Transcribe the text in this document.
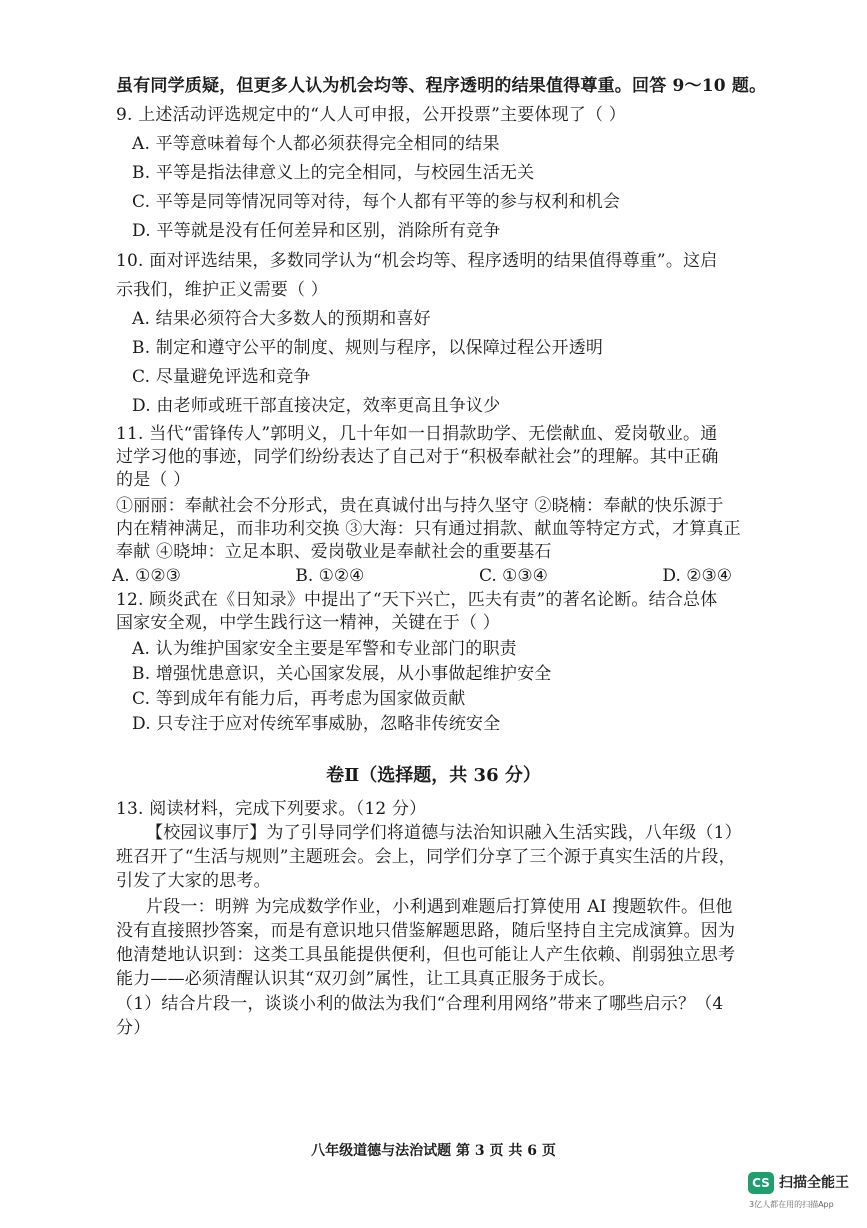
虽有同学质疑，但更多人认为机会均等、程序透明的结果值得尊重。回答 9～10 题。
9. 上述活动评选规定中的“人人可申报，公开投票”主要体现了（ ）
A. 平等意味着每个人都必须获得完全相同的结果
B. 平等是指法律意义上的完全相同，与校园生活无关
C. 平等是同等情况同等对待，每个人都有平等的参与权利和机会
D. 平等就是没有任何差异和区别，消除所有竞争
10. 面对评选结果，多数同学认为“机会均等、程序透明的结果值得尊重”。这启
示我们，维护正义需要（ ）
A. 结果必须符合大多数人的预期和喜好
B. 制定和遵守公平的制度、规则与程序，以保障过程公开透明
C. 尽量避免评选和竞争
D. 由老师或班干部直接决定，效率更高且争议少
11. 当代“雷锋传人”郭明义，几十年如一日捐款助学、无偿献血、爱岗敬业。通
过学习他的事迹，同学们纷纷表达了自己对于“积极奉献社会”的理解。其中正确
的是（ ）
①丽丽：奉献社会不分形式，贵在真诚付出与持久坚守 ②晓楠：奉献的快乐源于
内在精神满足，而非功利交换 ③大海：只有通过捐款、献血等特定方式，才算真正
奉献 ④晓坤：立足本职、爱岗敬业是奉献社会的重要基石
A. ①②③	B. ①②④	C. ①③④	D. ②③④
12. 顾炎武在《日知录》中提出了“天下兴亡，匹夫有责”的著名论断。结合总体
国家安全观，中学生践行这一精神，关键在于（ ）
A. 认为维护国家安全主要是军警和专业部门的职责
B. 增强忧患意识，关心国家发展，从小事做起维护安全
C. 等到成年有能力后，再考虑为国家做贡献
D. 只专注于应对传统军事威胁，忽略非传统安全
卷Ⅱ（选择题，共 36 分）
13. 阅读材料，完成下列要求。（12 分）
【校园议事厅】为了引导同学们将道德与法治知识融入生活实践，八年级（1）
班召开了“生活与规则”主题班会。会上，同学们分享了三个源于真实生活的片段，
引发了大家的思考。
片段一：明辨 为完成数学作业，小利遇到难题后打算使用 AI 搜题软件。但他
没有直接照抄答案，而是有意识地只借鉴解题思路，随后坚持自主完成演算。因为
他清楚地认识到：这类工具虽能提供便利，但也可能让人产生依赖、削弱独立思考
能力——必须清醒认识其“双刃剑”属性，让工具真正服务于成长。
（1）结合片段一，谈谈小利的做法为我们“合理利用网络”带来了哪些启示？（4
分）
八年级道德与法治试题 第 3 页 共 6 页
CS 扫描全能王
3亿人都在用的扫描App
